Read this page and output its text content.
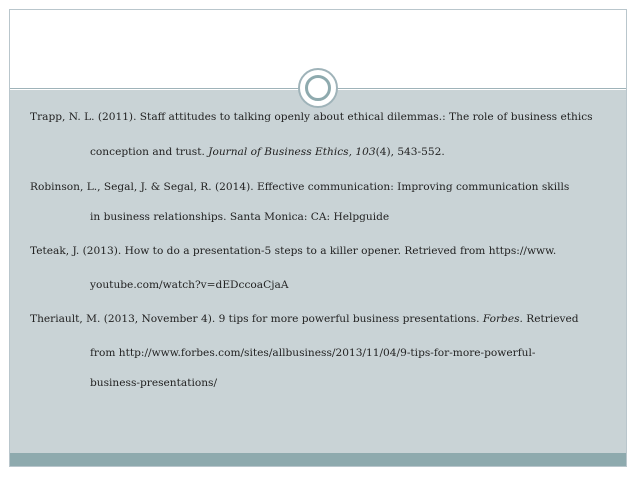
Trapp, N. L. (2011). Staff attitudes to talking openly about ethical dilemmas.: The role of business ethics

conception and trust. Journal of Business Ethics, 103(4), 543-552.

Robinson, L., Segal, J. & Segal, R. (2014). Effective communication: Improving communication skills

in business relationships. Santa Monica: CA: Helpguide

Teteak, J. (2013). How to do a presentation-5 steps to a killer opener. Retrieved from https://www.

youtube.com/watch?v=dEDccoaCjaA

Theriault, M. (2013, November 4). 9 tips for more powerful business presentations. Forbes. Retrieved

from http://www.forbes.com/sites/allbusiness/2013/11/04/9-tips-for-more-powerful-

business-presentations/
